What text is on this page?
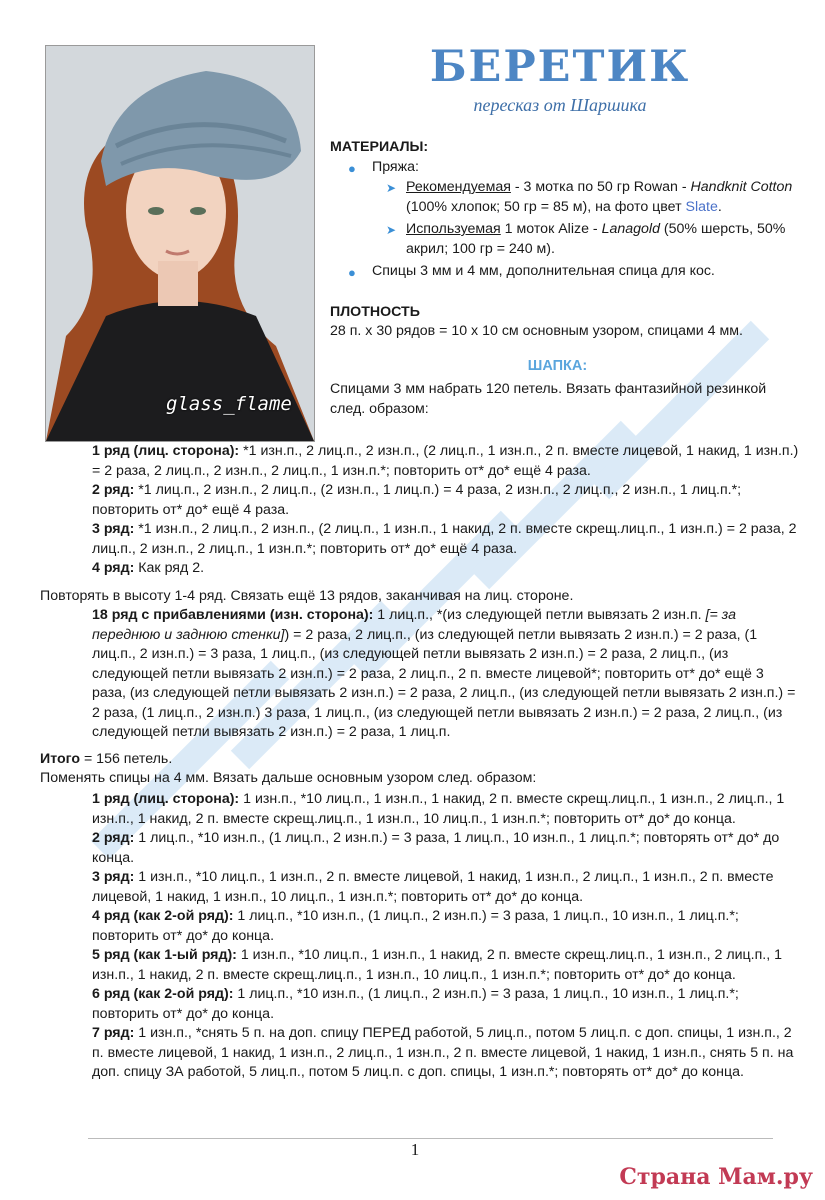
glass_flame
БЕРЕТИК
пересказ от Шаршика
МАТЕРИАЛЫ:
● Пряжа:
➤ Рекомендуемая - 3 мотка по 50 гр Rowan - Handknit Cotton (100% хлопок; 50 гр = 85 м), на фото цвет Slate.
➤ Используемая 1 моток Alize - Lanagold (50% шерсть, 50% акрил; 100 гр = 240 м).
● Спицы 3 мм и 4 мм, дополнительная спица для кос.
ПЛОТНОСТЬ
28 п. х 30 рядов = 10 х 10 см основным узором, спицами 4 мм.
ШАПКА:
Спицами 3 мм набрать 120 петель. Вязать фантазийной резинкой след. образом:
1 ряд (лиц. сторона): *1 изн.п., 2 лиц.п., 2 изн.п., (2 лиц.п., 1 изн.п., 2 п. вместе лицевой, 1 накид, 1 изн.п.) = 2 раза, 2 лиц.п., 2 изн.п., 2 лиц.п., 1 изн.п.*; повторить от* до* ещё 4 раза.
2 ряд: *1 лиц.п., 2 изн.п., 2 лиц.п., (2 изн.п., 1 лиц.п.) = 4 раза, 2 изн.п., 2 лиц.п., 2 изн.п., 1 лиц.п.*; повторить от* до* ещё 4 раза.
3 ряд: *1 изн.п., 2 лиц.п., 2 изн.п., (2 лиц.п., 1 изн.п., 1 накид, 2 п. вместе скрещ.лиц.п., 1 изн.п.) = 2 раза, 2 лиц.п., 2 изн.п., 2 лиц.п., 1 изн.п.*; повторить от* до* ещё 4 раза.
4 ряд: Как ряд 2.
Повторять в высоту 1-4 ряд. Связать ещё 13 рядов, заканчивая на лиц. стороне.
18 ряд с прибавлениями (изн. сторона): 1 лиц.п., *(из следующей петли вывязать 2 изн.п. [= за переднюю и заднюю стенки]) = 2 раза, 2 лиц.п., (из следующей петли вывязать 2 изн.п.) = 2 раза, (1 лиц.п., 2 изн.п.) = 3 раза, 1 лиц.п., (из следующей петли вывязать 2 изн.п.) = 2 раза, 2 лиц.п., (из следующей петли вывязать 2 изн.п.) = 2 раза, 2 лиц.п., 2 п. вместе лицевой*; повторить от* до* ещё 3 раза, (из следующей петли вывязать 2 изн.п.) = 2 раза, 2 лиц.п., (из следующей петли вывязать 2 изн.п.) = 2 раза, (1 лиц.п., 2 изн.п.) 3 раза, 1 лиц.п., (из следующей петли вывязать 2 изн.п.) = 2 раза, 2 лиц.п., (из следующей петли вывязать 2 изн.п.) = 2 раза, 1 лиц.п.
Итого = 156 петель.
Поменять спицы на 4 мм. Вязать дальше основным узором след. образом:
1 ряд (лиц. сторона): 1 изн.п., *10 лиц.п., 1 изн.п., 1 накид, 2 п. вместе скрещ.лиц.п., 1 изн.п., 2 лиц.п., 1 изн.п., 1 накид, 2 п. вместе скрещ.лиц.п., 1 изн.п., 10 лиц.п., 1 изн.п.*; повторить от* до* до конца.
2 ряд: 1 лиц.п., *10 изн.п., (1 лиц.п., 2 изн.п.) = 3 раза, 1 лиц.п., 10 изн.п., 1 лиц.п.*; повторять от* до* до конца.
3 ряд: 1 изн.п., *10 лиц.п., 1 изн.п., 2 п. вместе лицевой, 1 накид, 1 изн.п., 2 лиц.п., 1 изн.п., 2 п. вместе лицевой, 1 накид, 1 изн.п., 10 лиц.п., 1 изн.п.*; повторить от* до* до конца.
4 ряд (как 2-ой ряд): 1 лиц.п., *10 изн.п., (1 лиц.п., 2 изн.п.) = 3 раза, 1 лиц.п., 10 изн.п., 1 лиц.п.*; повторить от* до* до конца.
5 ряд (как 1-ый ряд): 1 изн.п., *10 лиц.п., 1 изн.п., 1 накид, 2 п. вместе скрещ.лиц.п., 1 изн.п., 2 лиц.п., 1 изн.п., 1 накид, 2 п. вместе скрещ.лиц.п., 1 изн.п., 10 лиц.п., 1 изн.п.*; повторить от* до* до конца.
6 ряд (как 2-ой ряд): 1 лиц.п., *10 изн.п., (1 лиц.п., 2 изн.п.) = 3 раза, 1 лиц.п., 10 изн.п., 1 лиц.п.*; повторить от* до* до конца.
7 ряд: 1 изн.п., *снять 5 п. на доп. спицу ПЕРЕД работой, 5 лиц.п., потом 5 лиц.п. с доп. спицы, 1 изн.п., 2 п. вместе лицевой, 1 накид, 1 изн.п., 2 лиц.п., 1 изн.п., 2 п. вместе лицевой, 1 накид, 1 изн.п., снять 5 п. на доп. спицу ЗА работой, 5 лиц.п., потом 5 лиц.п. с доп. спицы, 1 изн.п.*; повторять от* до* до конца.
1
Страна Мам.ру
